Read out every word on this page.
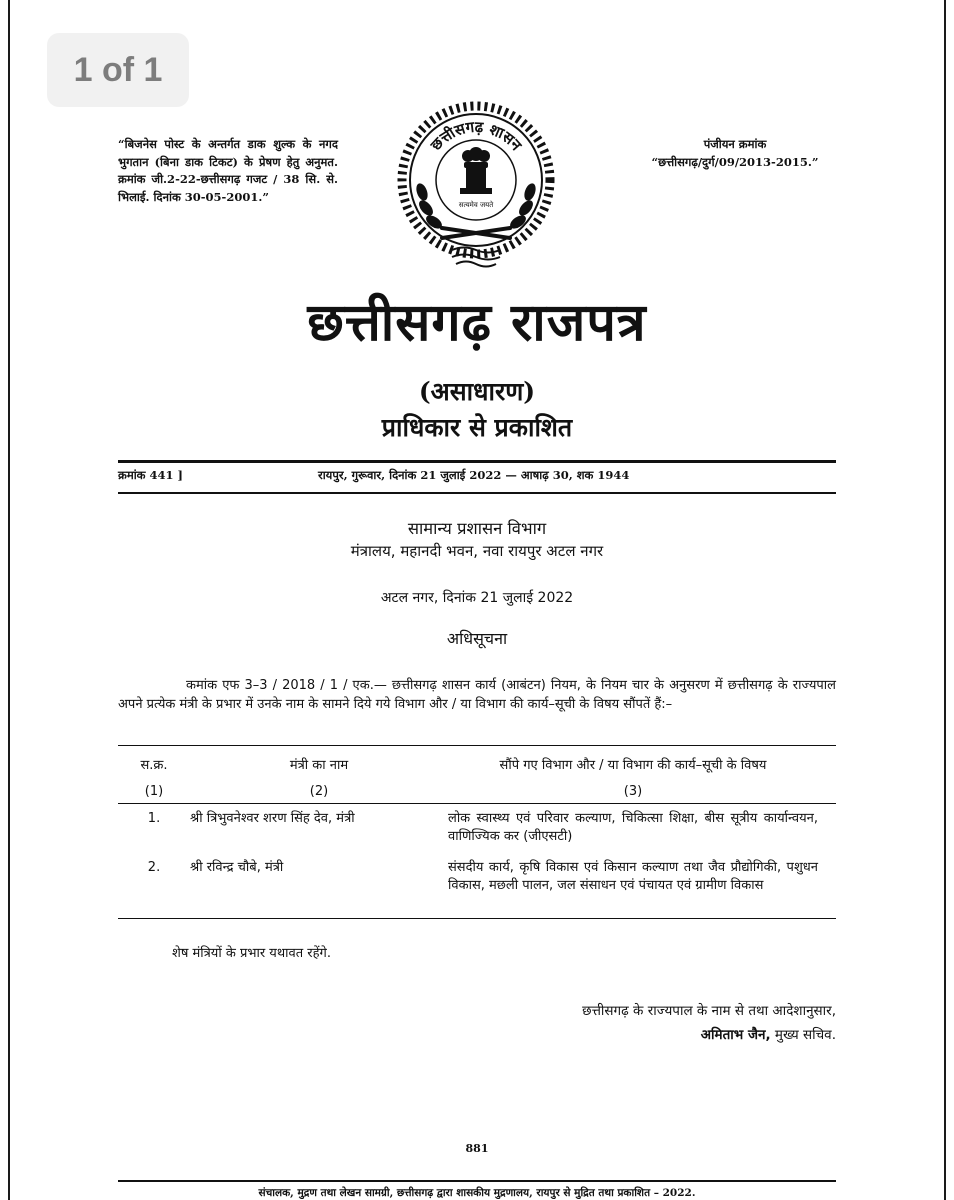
1 of 1
“बिजनेस पोस्ट के अन्तर्गत डाक शुल्क के नगद भुगतान (बिना डाक टिकट) के प्रेषण हेतु अनुमत. क्रमांक जी.2-22-छत्तीसगढ़ गजट / 38 सि. से. भिलाई. दिनांक 30-05-2001.”
पंजीयन क्रमांक
“छत्तीसगढ़/दुर्ग/09/2013-2015.”
छत्तीसगढ़ शासन
सत्यमेव जयते
छत्तीसगढ़ राजपत्र
(असाधारण)
प्राधिकार से प्रकाशित
क्रमांक 441 ]	रायपुर, गुरूवार, दिनांक 21 जुलाई 2022 — आषाढ़ 30, शक 1944
सामान्य प्रशासन विभाग
मंत्रालय, महानदी भवन, नवा रायपुर अटल नगर
अटल नगर, दिनांक 21 जुलाई 2022
अधिसूचना
कमांक एफ 3–3 / 2018 / 1 / एक.— छत्तीसगढ़ शासन कार्य (आबंटन) नियम, के नियम चार के अनुसरण में छत्तीसगढ़ के राज्यपाल अपने प्रत्येक मंत्री के प्रभार में उनके नाम के सामने दिये गये विभाग और / या विभाग की कार्य–सूची के विषय सौंपतें हैं:–
स.क्र.	मंत्री का नाम	सौंपे गए विभाग और / या विभाग की कार्य–सूची के विषय
(1)	(2)	(3)
1.	श्री त्रिभुवनेश्वर शरण सिंह देव, मंत्री	लोक स्वास्थ्य एवं परिवार कल्याण, चिकित्सा शिक्षा, बीस सूत्रीय कार्यान्वयन, वाणिज्यिक कर (जीएसटी)
2.	श्री रविन्द्र चौबे, मंत्री	संसदीय कार्य, कृषि विकास एवं किसान कल्याण तथा जैव प्रौद्योगिकी, पशुधन विकास, मछली पालन, जल संसाधन एवं पंचायत एवं ग्रामीण विकास
शेष मंत्रियों के प्रभार यथावत रहेंगे.
छत्तीसगढ़ के राज्यपाल के नाम से तथा आदेशानुसार,
अमिताभ जैन, मुख्य सचिव.
881
संचालक, मुद्रण तथा लेखन सामग्री, छत्तीसगढ़ द्वारा शासकीय मुद्रणालय, रायपुर से मुद्रित तथा प्रकाशित – 2022.
